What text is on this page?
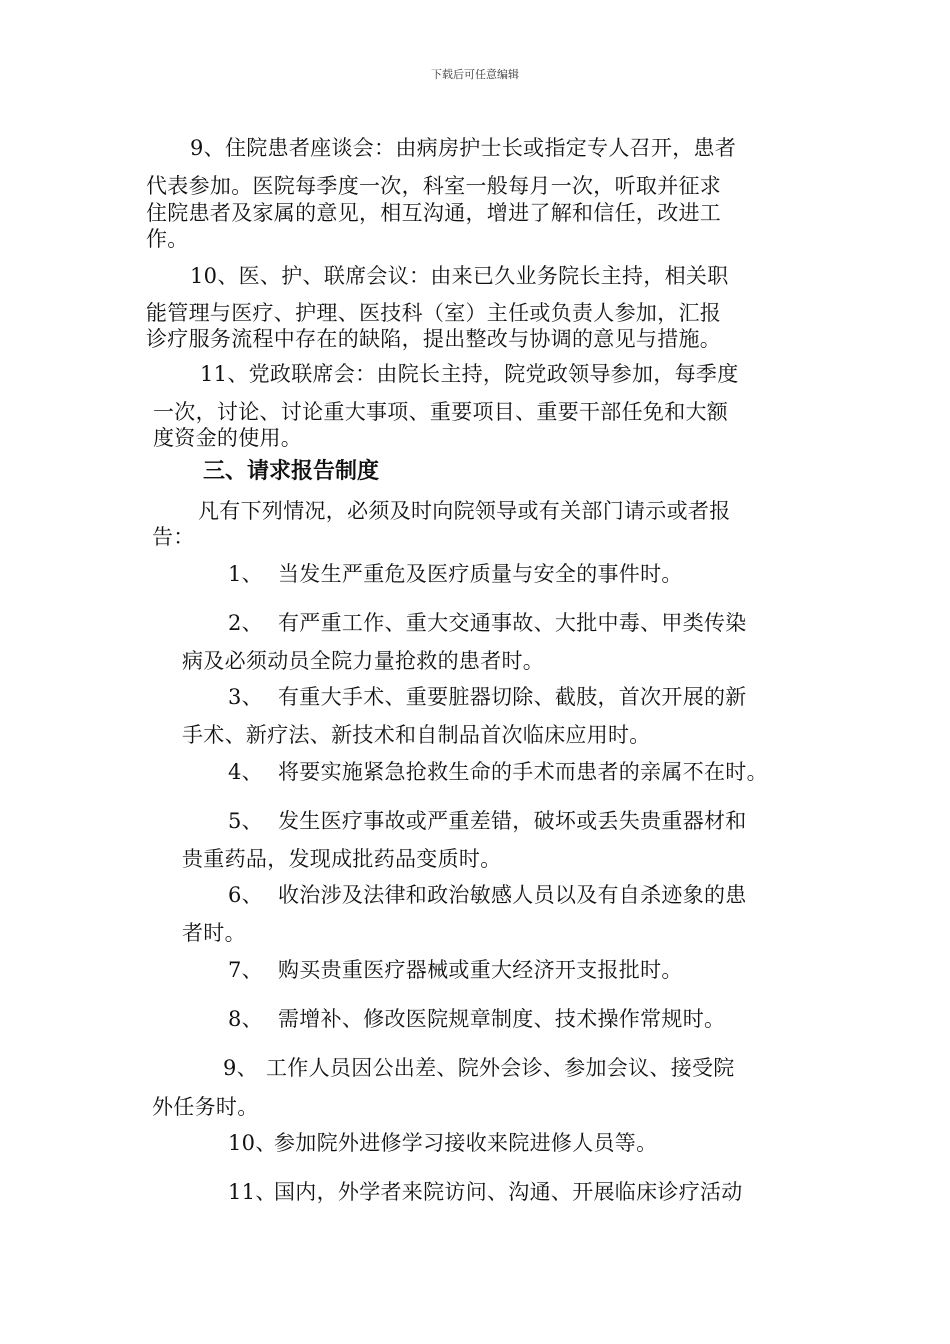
下载后可任意编辑
9、住院患者座谈会：由病房护士长或指定专人召开，患者
代表参加。医院每季度一次，科室一般每月一次，听取并征求
住院患者及家属的意见，相互沟通，增进了解和信任，改进工
作。
10、医、护、联席会议：由来已久业务院长主持，相关职
能管理与医疗、护理、医技科（室）主任或负责人参加，汇报
诊疗服务流程中存在的缺陷，提出整改与协调的意见与措施。
11、党政联席会：由院长主持，院党政领导参加，每季度
一次，讨论、讨论重大事项、重要项目、重要干部任免和大额
度资金的使用。
三、请求报告制度
凡有下列情况，必须及时向院领导或有关部门请示或者报
告：
1、 当发生严重危及医疗质量与安全的事件时。
2、 有严重工作、重大交通事故、大批中毒、甲类传染
病及必须动员全院力量抢救的患者时。
3、 有重大手术、重要脏器切除、截肢，首次开展的新
手术、新疗法、新技术和自制品首次临床应用时。
4、 将要实施紧急抢救生命的手术而患者的亲属不在时。
5、 发生医疗事故或严重差错，破坏或丢失贵重器材和
贵重药品，发现成批药品变质时。
6、 收治涉及法律和政治敏感人员以及有自杀迹象的患
者时。
7、 购买贵重医疗器械或重大经济开支报批时。
8、 需增补、修改医院规章制度、技术操作常规时。
9、 工作人员因公出差、院外会诊、参加会议、接受院
外任务时。
10、
参加院外进修学习接收来院进修人员等。
11、
国内，外学者来院访问、沟通、开展临床诊疗活动
